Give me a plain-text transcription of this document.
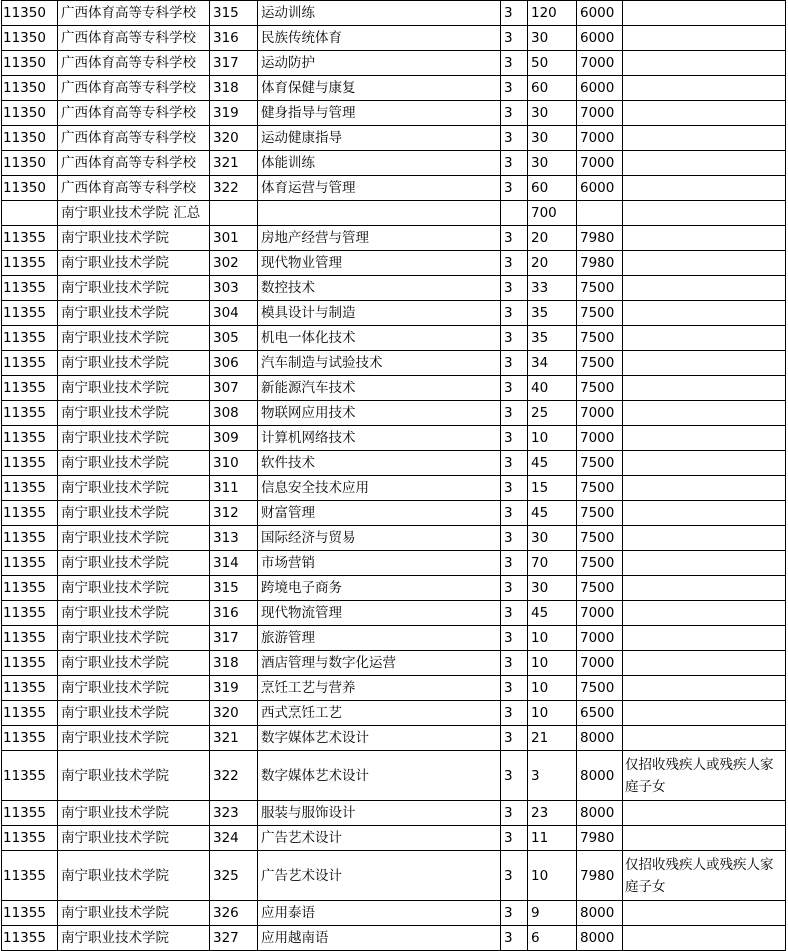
11350	广西体育高等专科学校	315	运动训练	3	120	6000	
11350	广西体育高等专科学校	316	民族传统体育	3	30	6000	
11350	广西体育高等专科学校	317	运动防护	3	50	7000	
11350	广西体育高等专科学校	318	体育保健与康复	3	60	6000	
11350	广西体育高等专科学校	319	健身指导与管理	3	30	7000	
11350	广西体育高等专科学校	320	运动健康指导	3	30	7000	
11350	广西体育高等专科学校	321	体能训练	3	30	7000	
11350	广西体育高等专科学校	322	体育运营与管理	3	60	6000	
	南宁职业技术学院 汇总				700		
11355	南宁职业技术学院	301	房地产经营与管理	3	20	7980	
11355	南宁职业技术学院	302	现代物业管理	3	20	7980	
11355	南宁职业技术学院	303	数控技术	3	33	7500	
11355	南宁职业技术学院	304	模具设计与制造	3	35	7500	
11355	南宁职业技术学院	305	机电一体化技术	3	35	7500	
11355	南宁职业技术学院	306	汽车制造与试验技术	3	34	7500	
11355	南宁职业技术学院	307	新能源汽车技术	3	40	7500	
11355	南宁职业技术学院	308	物联网应用技术	3	25	7000	
11355	南宁职业技术学院	309	计算机网络技术	3	10	7000	
11355	南宁职业技术学院	310	软件技术	3	45	7500	
11355	南宁职业技术学院	311	信息安全技术应用	3	15	7500	
11355	南宁职业技术学院	312	财富管理	3	45	7500	
11355	南宁职业技术学院	313	国际经济与贸易	3	30	7500	
11355	南宁职业技术学院	314	市场营销	3	70	7500	
11355	南宁职业技术学院	315	跨境电子商务	3	30	7500	
11355	南宁职业技术学院	316	现代物流管理	3	45	7000	
11355	南宁职业技术学院	317	旅游管理	3	10	7000	
11355	南宁职业技术学院	318	酒店管理与数字化运营	3	10	7000	
11355	南宁职业技术学院	319	烹饪工艺与营养	3	10	7500	
11355	南宁职业技术学院	320	西式烹饪工艺	3	10	6500	
11355	南宁职业技术学院	321	数字媒体艺术设计	3	21	8000	
11355	南宁职业技术学院	322	数字媒体艺术设计	3	3	8000	仅招收残疾人或残疾人家庭子女
11355	南宁职业技术学院	323	服装与服饰设计	3	23	8000	
11355	南宁职业技术学院	324	广告艺术设计	3	11	7980	
11355	南宁职业技术学院	325	广告艺术设计	3	10	7980	仅招收残疾人或残疾人家庭子女
11355	南宁职业技术学院	326	应用泰语	3	9	8000	
11355	南宁职业技术学院	327	应用越南语	3	6	8000	
